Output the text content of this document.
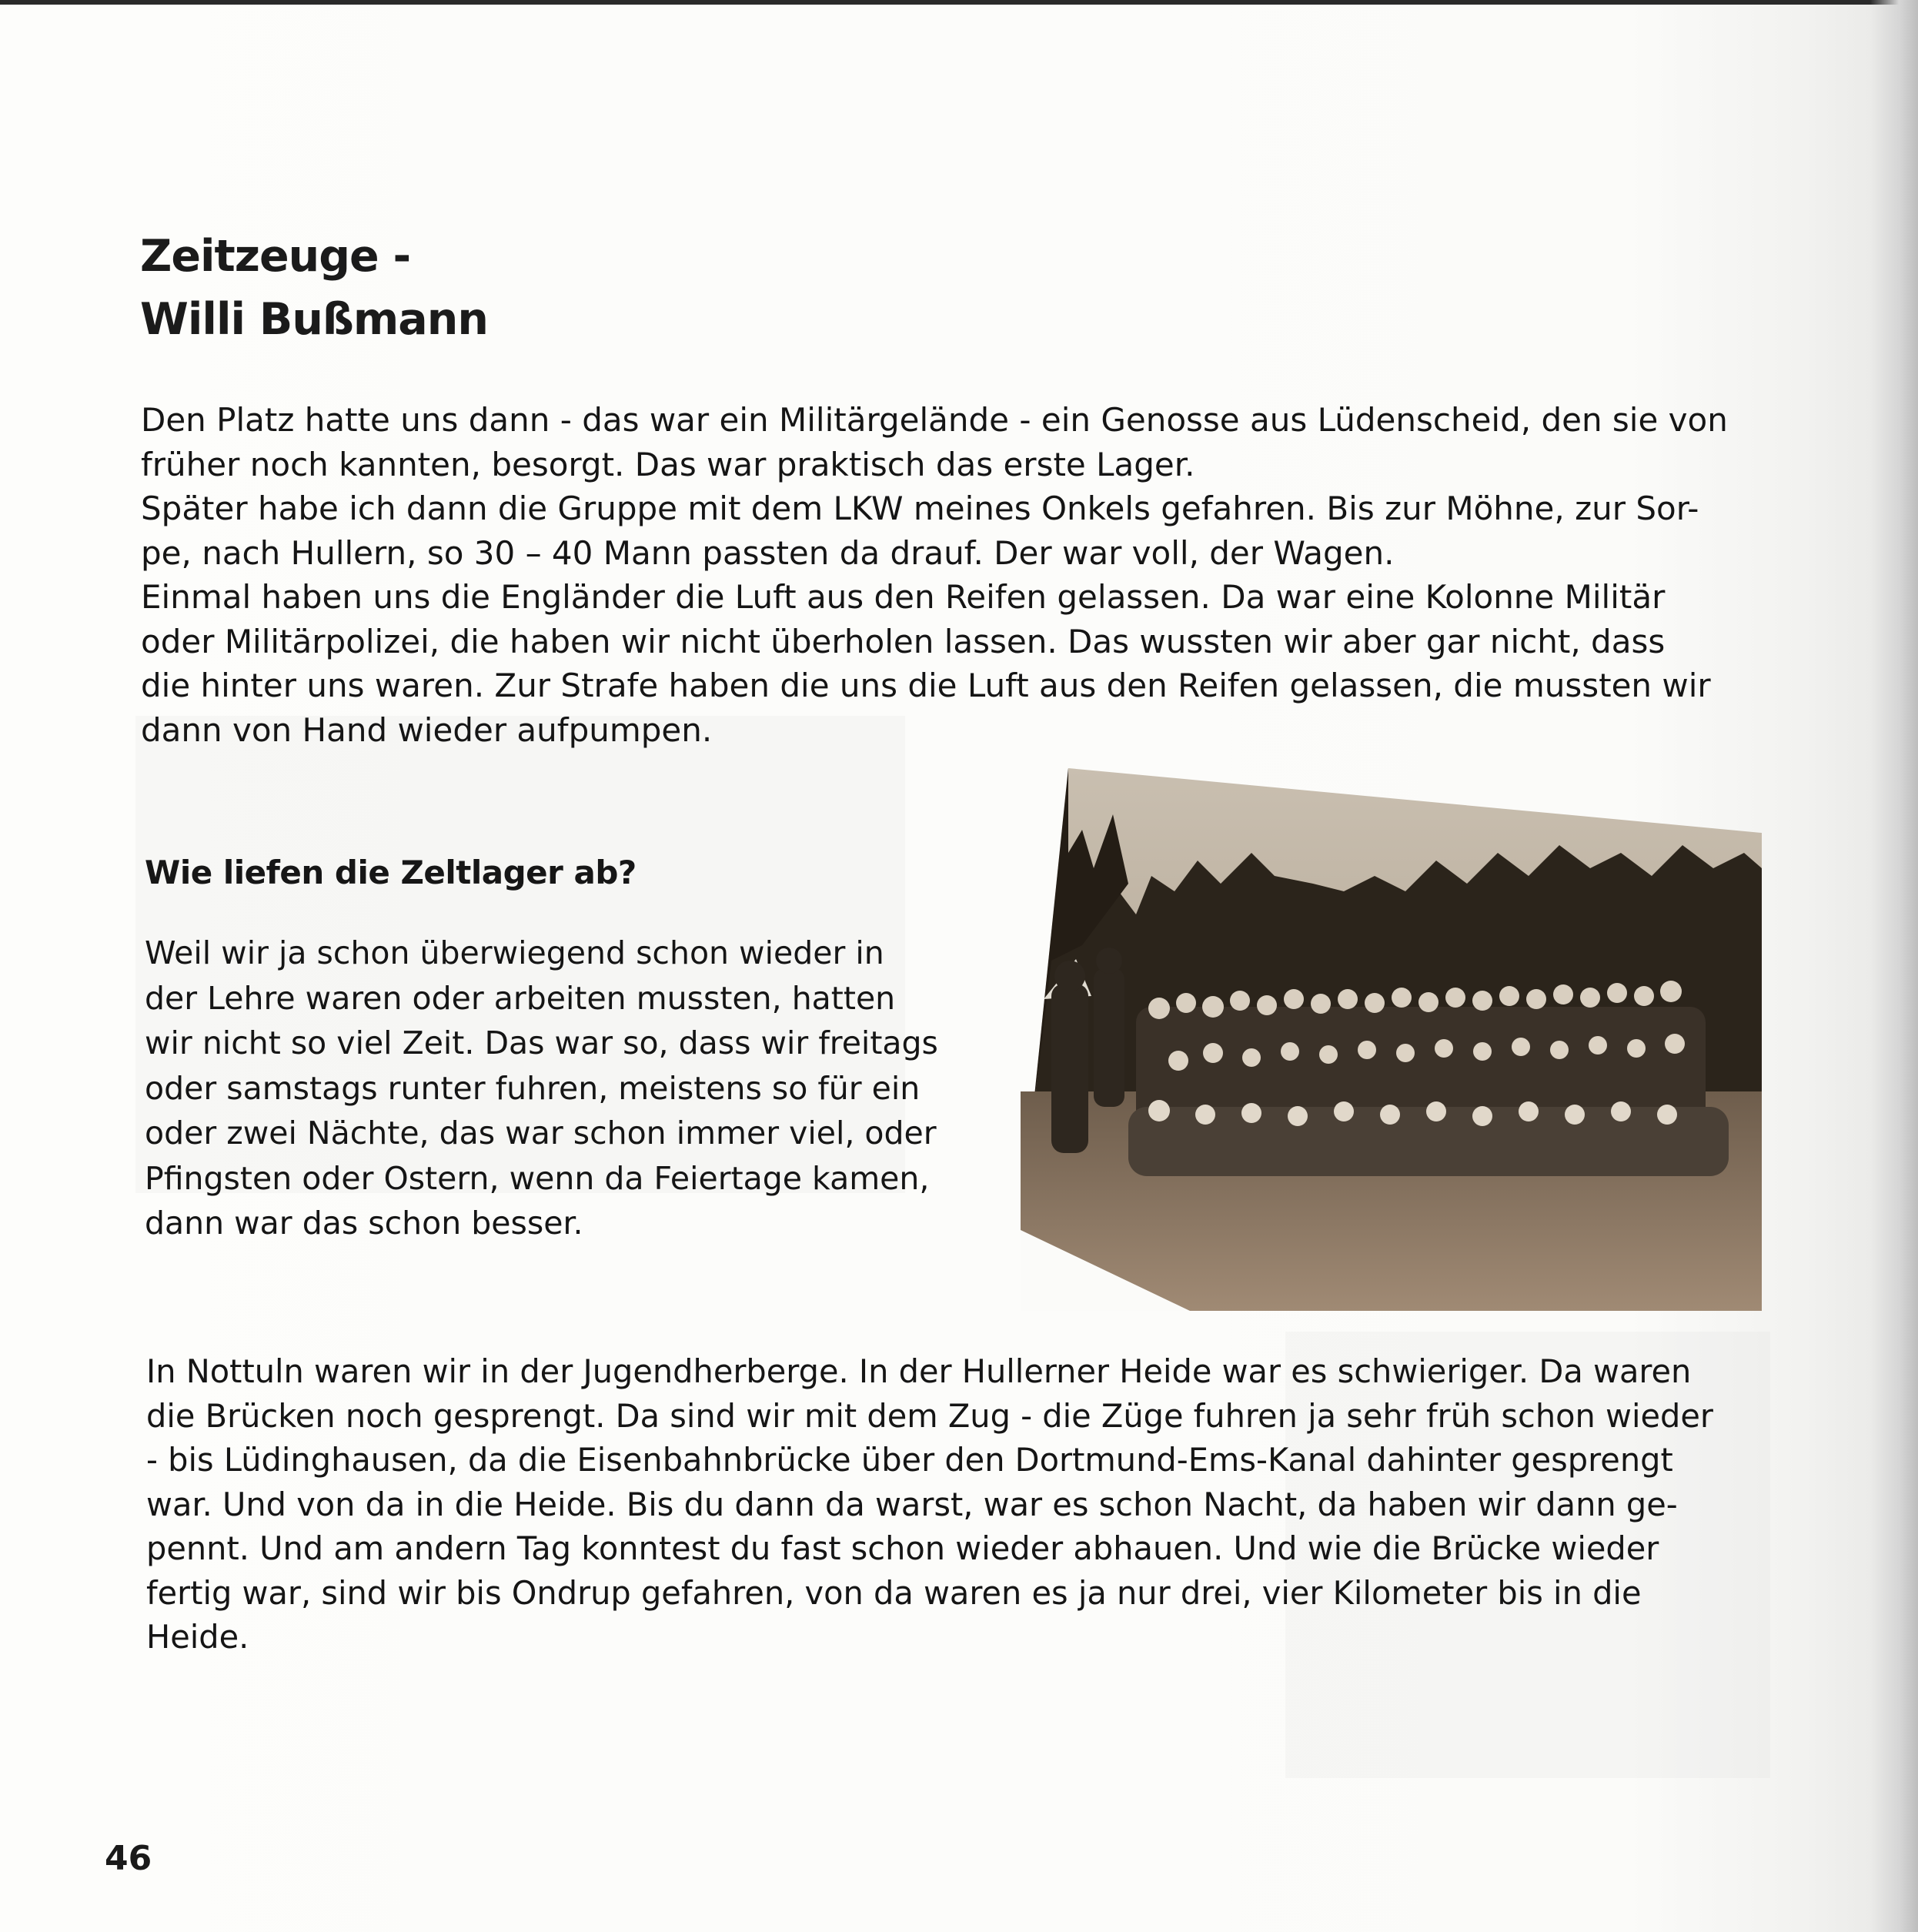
Zeitzeuge -
Willi Bußmann
Den Platz hatte uns dann - das war ein Militärgelände - ein Genosse aus Lüdenscheid, den sie von
früher noch kannten, besorgt. Das war praktisch das erste Lager.
Später habe ich dann die Gruppe mit dem LKW meines Onkels gefahren. Bis zur Möhne, zur Sor-
pe, nach Hullern, so 30 – 40 Mann passten da drauf. Der war voll, der Wagen.
Einmal haben uns die Engländer die Luft aus den Reifen gelassen. Da war eine Kolonne Militär
oder Militärpolizei, die haben wir nicht überholen lassen. Das wussten wir aber gar nicht, dass
die hinter uns waren. Zur Strafe haben die uns die Luft aus den Reifen gelassen, die mussten wir
dann von Hand wieder aufpumpen.
Wie liefen die Zeltlager ab?
Weil wir ja schon überwiegend schon wieder in
der Lehre waren oder arbeiten mussten, hatten
wir nicht so viel Zeit. Das war so, dass wir freitags
oder samstags runter fuhren, meistens so für ein
oder zwei Nächte, das war schon immer viel, oder
Pfingsten oder Ostern, wenn da Feiertage kamen,
dann war das schon besser.
In Nottuln waren wir in der Jugendherberge. In der Hullerner Heide war es schwieriger. Da waren
die Brücken noch gesprengt. Da sind wir mit dem Zug - die Züge fuhren ja sehr früh schon wieder
- bis Lüdinghausen, da die Eisenbahnbrücke über den Dortmund-Ems-Kanal dahinter gesprengt
war. Und von da in die Heide. Bis du dann da warst, war es schon Nacht, da haben wir dann ge-
pennt. Und am andern Tag konntest du fast schon wieder abhauen. Und wie die Brücke wieder
fertig war, sind wir bis Ondrup gefahren, von da waren es ja nur drei, vier Kilometer bis in die
Heide.
46
